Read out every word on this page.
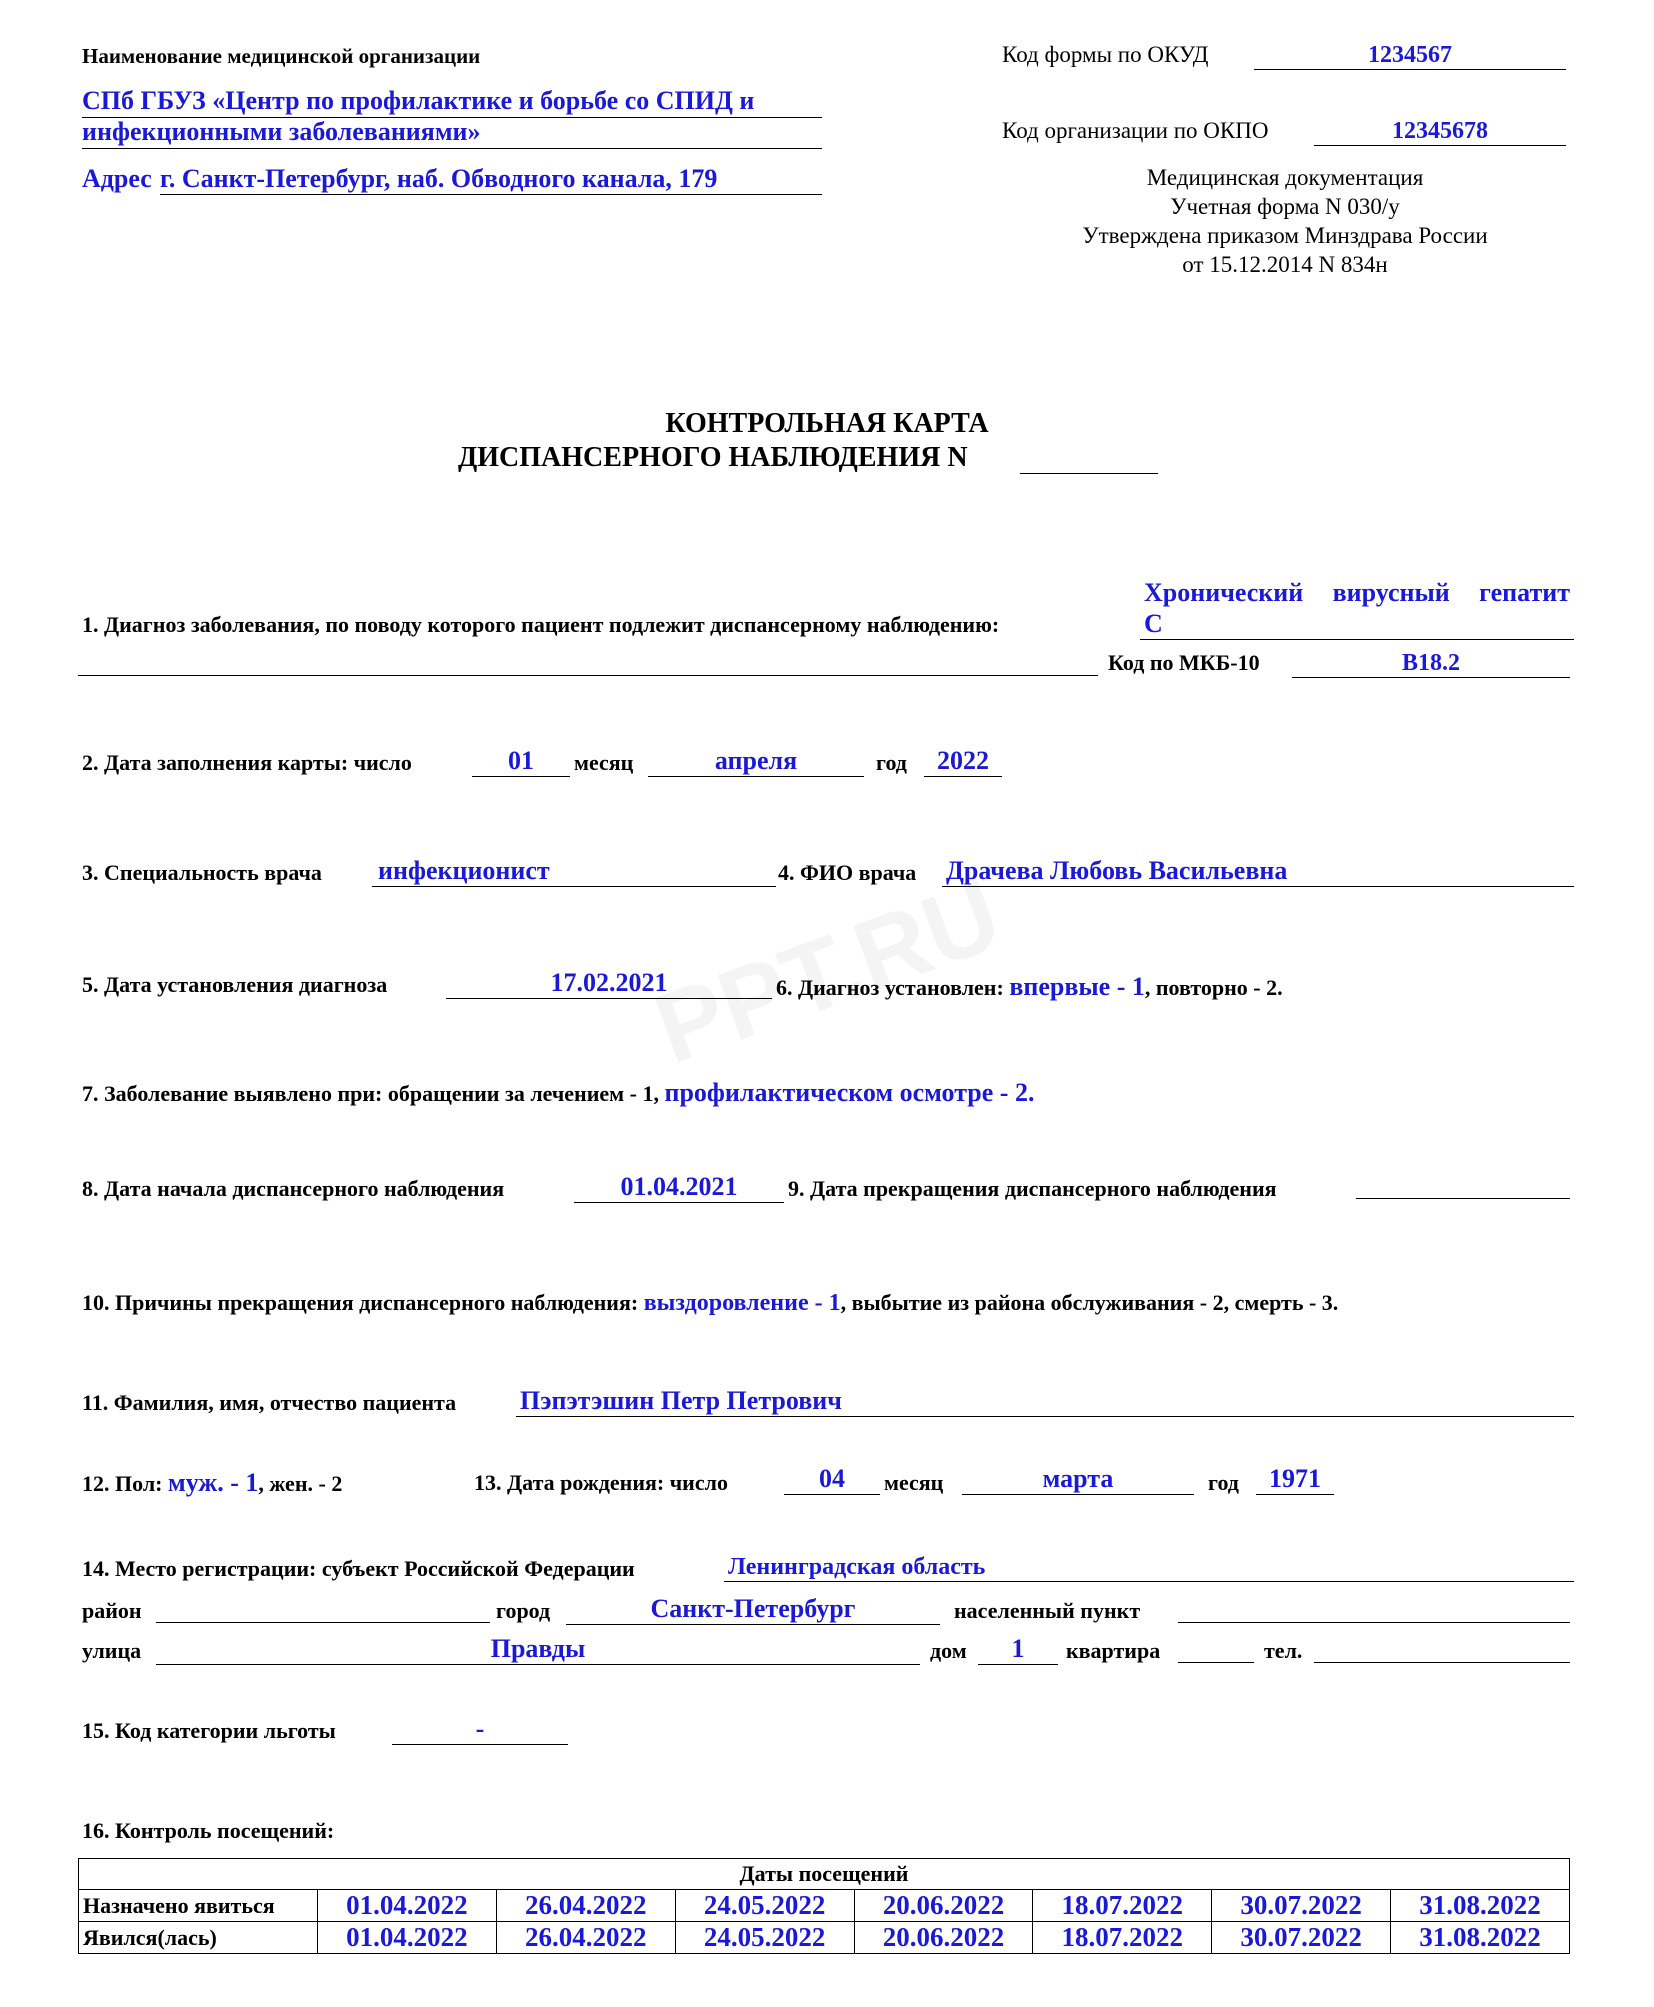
Наименование медицинской организации
СПб ГБУЗ «Центр по профилактике и борьбе со СПИД и
инфекционными заболеваниями»
Адрес г. Санкт-Петербург, наб. Обводного канала, 179
Код формы по ОКУД	1234567
Код организации по ОКПО	12345678
Медицинская документация
Учетная форма N 030/у
Утверждена приказом Минздрава России
от 15.12.2014 N 834н
КОНТРОЛЬНАЯ КАРТА
ДИСПАНСЕРНОГО НАБЛЮДЕНИЯ N
1. Диагноз заболевания, по поводу которого пациент подлежит диспансерному наблюдению:
Хронический вирусный гепатит
С
Код по МКБ-10	В18.2
2. Дата заполнения карты: число	01	месяц	апреля	год	2022
3. Специальность врача инфекционист	4. ФИО врача Драчева Любовь Васильевна
5. Дата установления диагноза	17.02.2021	6. Диагноз установлен: впервые - 1, повторно - 2.
7. Заболевание выявлено при: обращении за лечением - 1, профилактическом осмотре - 2.
8. Дата начала диспансерного наблюдения	01.04.2021	9. Дата прекращения диспансерного наблюдения
10. Причины прекращения диспансерного наблюдения: выздоровление - 1, выбытие из района обслуживания - 2, смерть - 3.
11. Фамилия, имя, отчество пациента Пэпэтэшин Петр Петрович
12. Пол: муж. - 1, жен. - 2	13. Дата рождения: число	04	месяц	марта	год	1971
14. Место регистрации: субъект Российской Федерации	Ленинградская область
район	город	Санкт-Петербург	населенный пункт
улица	Правды	дом	1	квартира	тел.
15. Код категории льготы	-
16. Контроль посещений:
Даты посещений							
Назначено явиться	01.04.2022	26.04.2022	24.05.2022	20.06.2022	18.07.2022	30.07.2022	31.08.2022
Явился(лась)	01.04.2022	26.04.2022	24.05.2022	20.06.2022	18.07.2022	30.07.2022	31.08.2022
